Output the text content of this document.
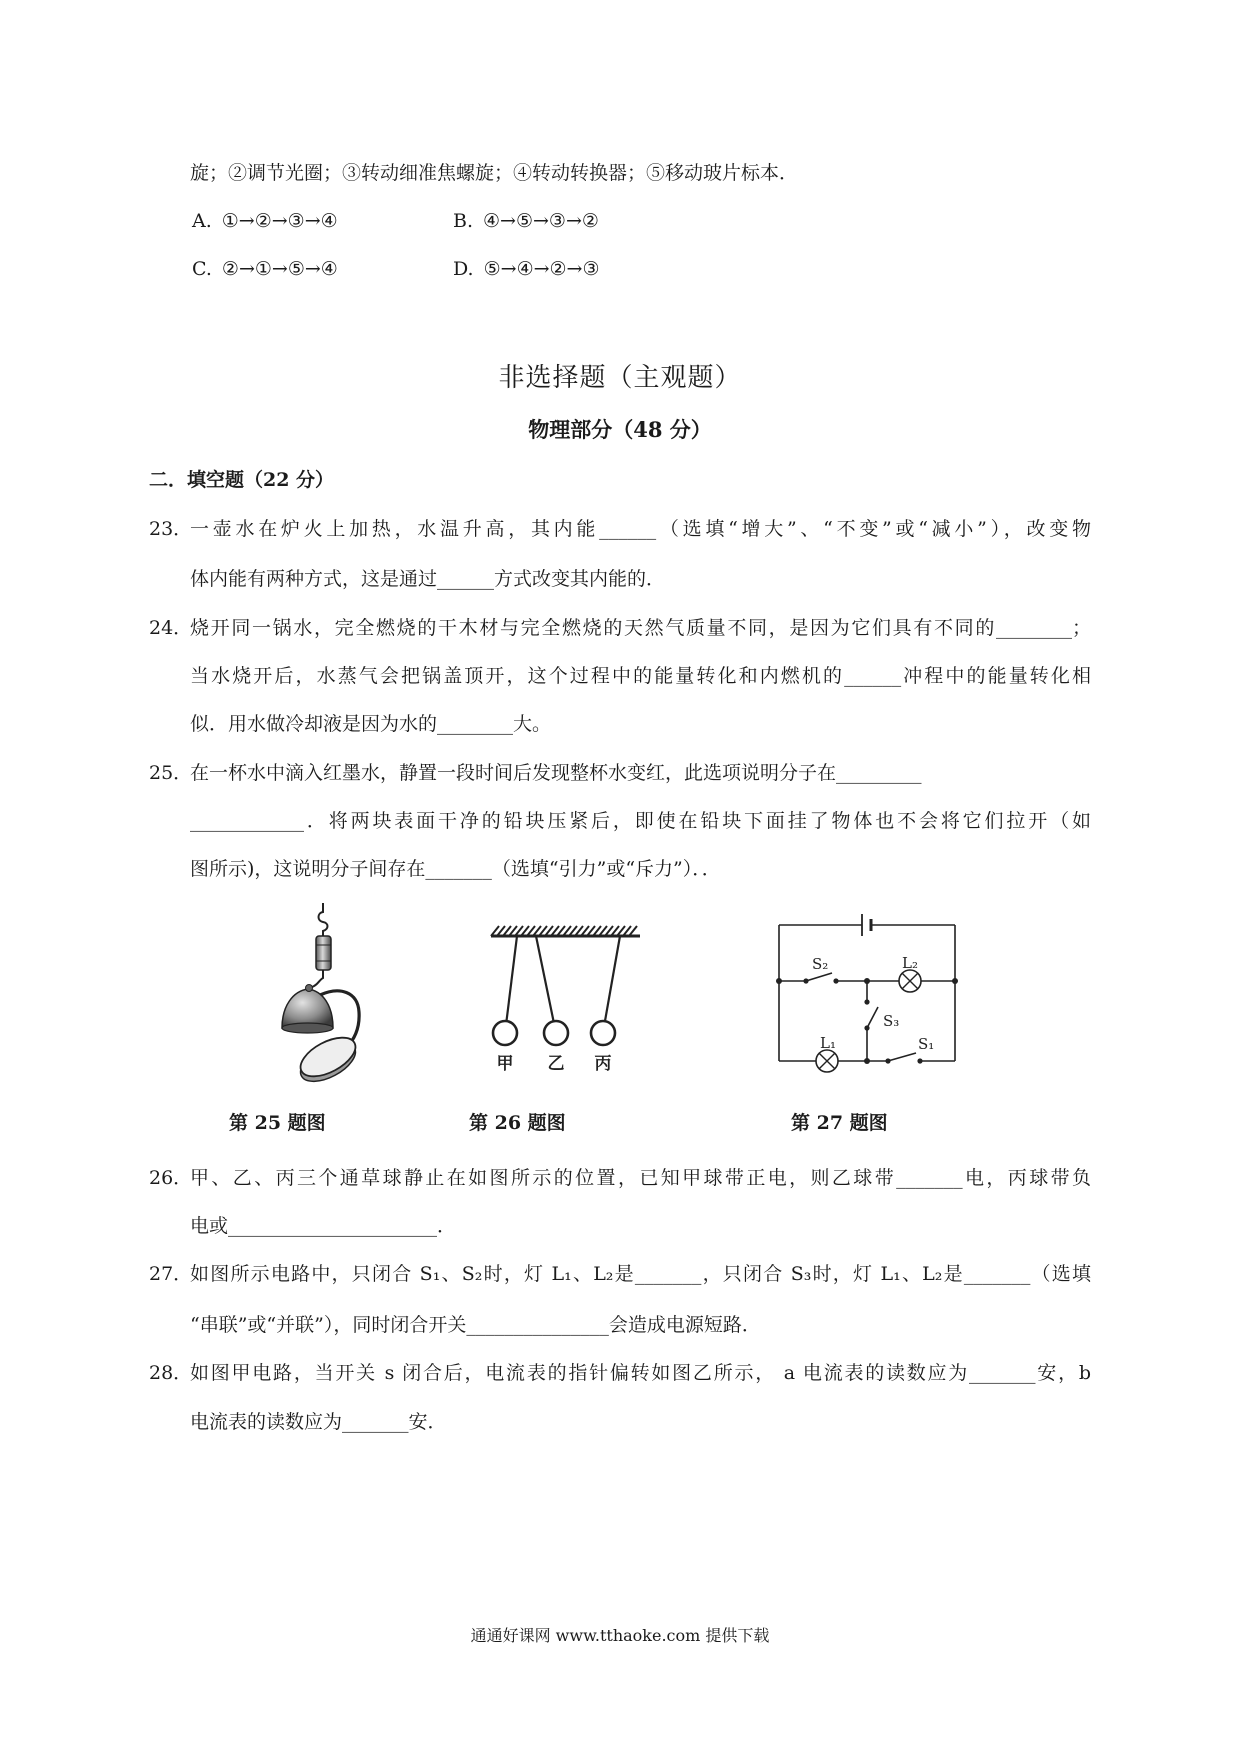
旋；②调节光圈；③转动细准焦螺旋；④转动转换器；⑤移动玻片标本．
A. ①→②→③→④	B. ④→⑤→③→②
C. ②→①→⑤→④	D. ⑤→④→②→③
非选择题（主观题）
物理部分（48 分）
二．填空题（22 分）
23．
一壶水在炉火上加热，水温升高，其内能______（选填“增大”、“不变”或“减小”），改变物
体内能有两种方式，这是通过______方式改变其内能的．
24．
烧开同一锅水，完全燃烧的干木材与完全燃烧的天然气质量不同，是因为它们具有不同的________；
当水烧开后，水蒸气会把锅盖顶开，这个过程中的能量转化和内燃机的______冲程中的能量转化相
似．用水做冷却液是因为水的________大。
25．
在一杯水中滴入红墨水，静置一段时间后发现整杯水变红，此选项说明分子在_________
____________．将两块表面干净的铅块压紧后，即使在铅块下面挂了物体也不会将它们拉开（如
图所示)，这说明分子间存在_______（选填“引力”或“斥力”）．．
甲 乙 丙
S₂	L₂
S₃
L₁	S₁
第 25 题图	第 26 题图	第 27 题图
26．
甲、乙、丙三个通草球静止在如图所示的位置，已知甲球带正电，则乙球带_______电，丙球带负
电或______________________．
27．
如图所示电路中，只闭合 S₁、S₂时，灯 L₁、L₂是_______，只闭合 S₃时，灯 L₁、L₂是_______（选填
“串联”或“并联”），同时闭合开关_______________会造成电源短路．
28．
如图甲电路，当开关 s 闭合后，电流表的指针偏转如图乙所示， a 电流表的读数应为_______安，b
电流表的读数应为_______安．
通通好课网 www.tthaoke.com 提供下载
